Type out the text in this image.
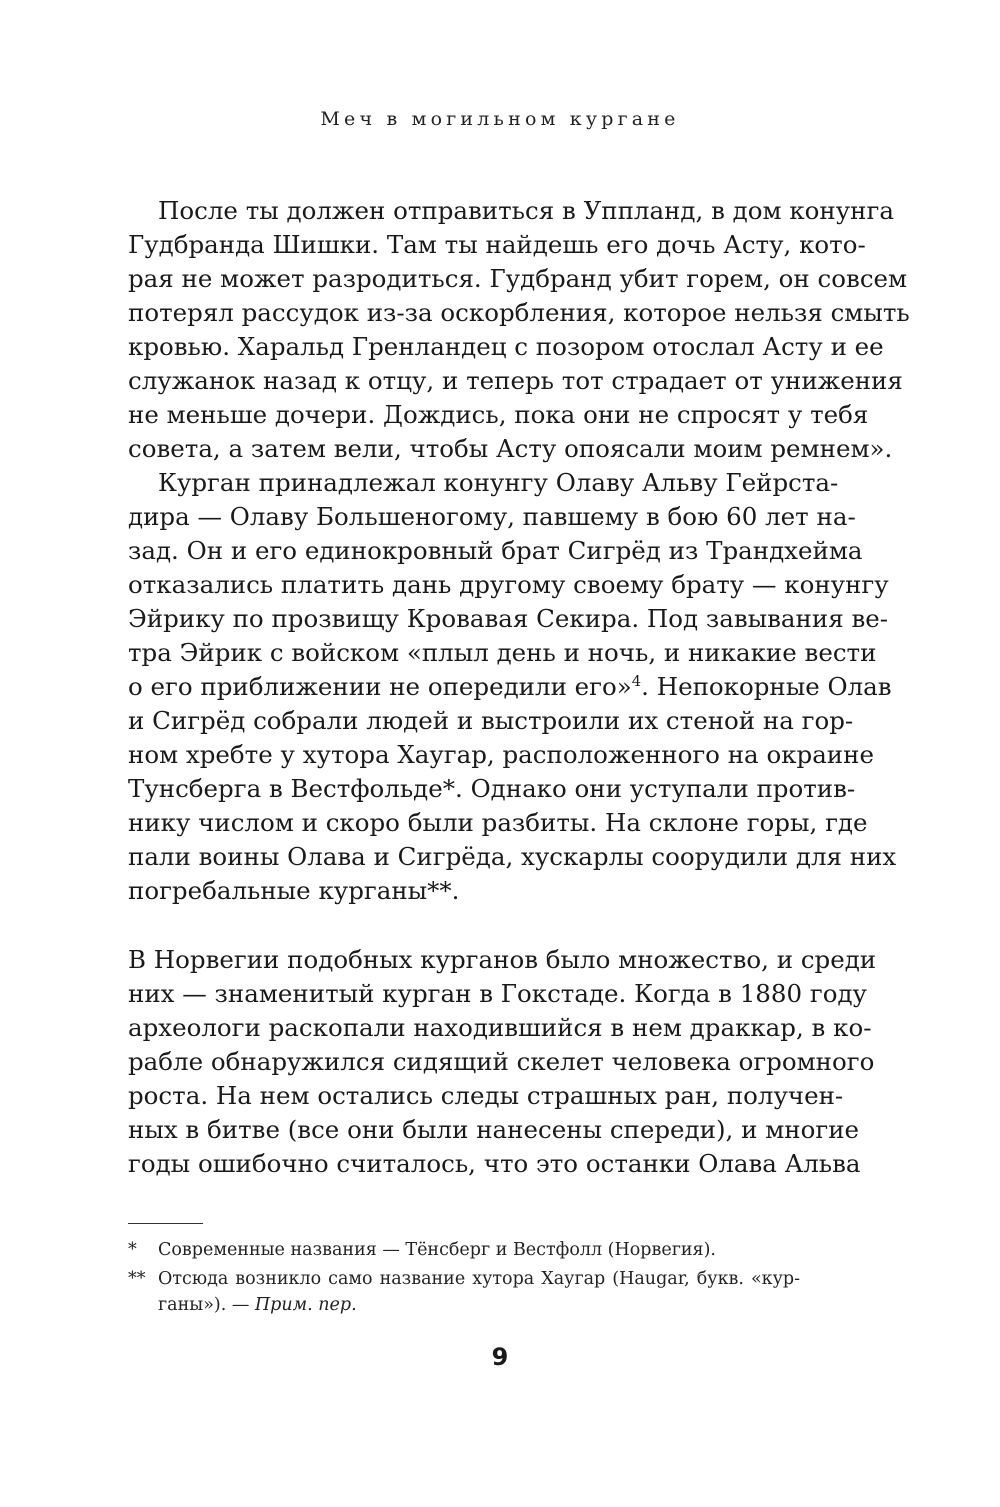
Меч в могильном кургане
После ты должен отправиться в Уппланд, в дом конунга
Гудбранда Шишки. Там ты найдешь его дочь Асту, кото-
рая не может разродиться. Гудбранд убит горем, он совсем
потерял рассудок из-за оскорбления, которое нельзя смыть
кровью. Харальд Гренландец с позором отослал Асту и ее
служанок назад к отцу, и теперь тот страдает от унижения
не меньше дочери. Дождись, пока они не спросят у тебя
совета, а затем вели, чтобы Асту опоясали моим ремнем».
Курган принадлежал конунгу Олаву Альву Гейрста-
дира — Олаву Большеногому, павшему в бою 60 лет на-
зад. Он и его единокровный брат Сигрёд из Трандхейма
отказались платить дань другому своему брату — конунгу
Эйрику по прозвищу Кровавая Секира. Под завывания ве-
тра Эйрик с войском «плыл день и ночь, и никакие вести
о его приближении не опередили его»$^4$. Непокорные Олав
и Сигрёд собрали людей и выстроили их стеной на гор-
ном хребте у хутора Хаугар, расположенного на окраине
Тунсберга в Вестфольде*. Однако они уступали против-
нику числом и скоро были разбиты. На склоне горы, где
пали воины Олава и Сигрёда, хускарлы соорудили для них
погребальные курганы**.
В Норвегии подобных курганов было множество, и среди
них — знаменитый курган в Гокстаде. Когда в 1880 году
археологи раскопали находившийся в нем драккар, в ко-
рабле обнаружился сидящий скелет человека огромного
роста. На нем остались следы страшных ран, получен-
ных в битве (все они были нанесены спереди), и многие
годы ошибочно считалось, что это останки Олава Альва
* Современные названия — Тёнсберг и Вестфолл (Норвегия).
** Отсюда возникло само название хутора Хаугар (Haugar, букв. «кур-
ганы»). — Прим. пер.
9
